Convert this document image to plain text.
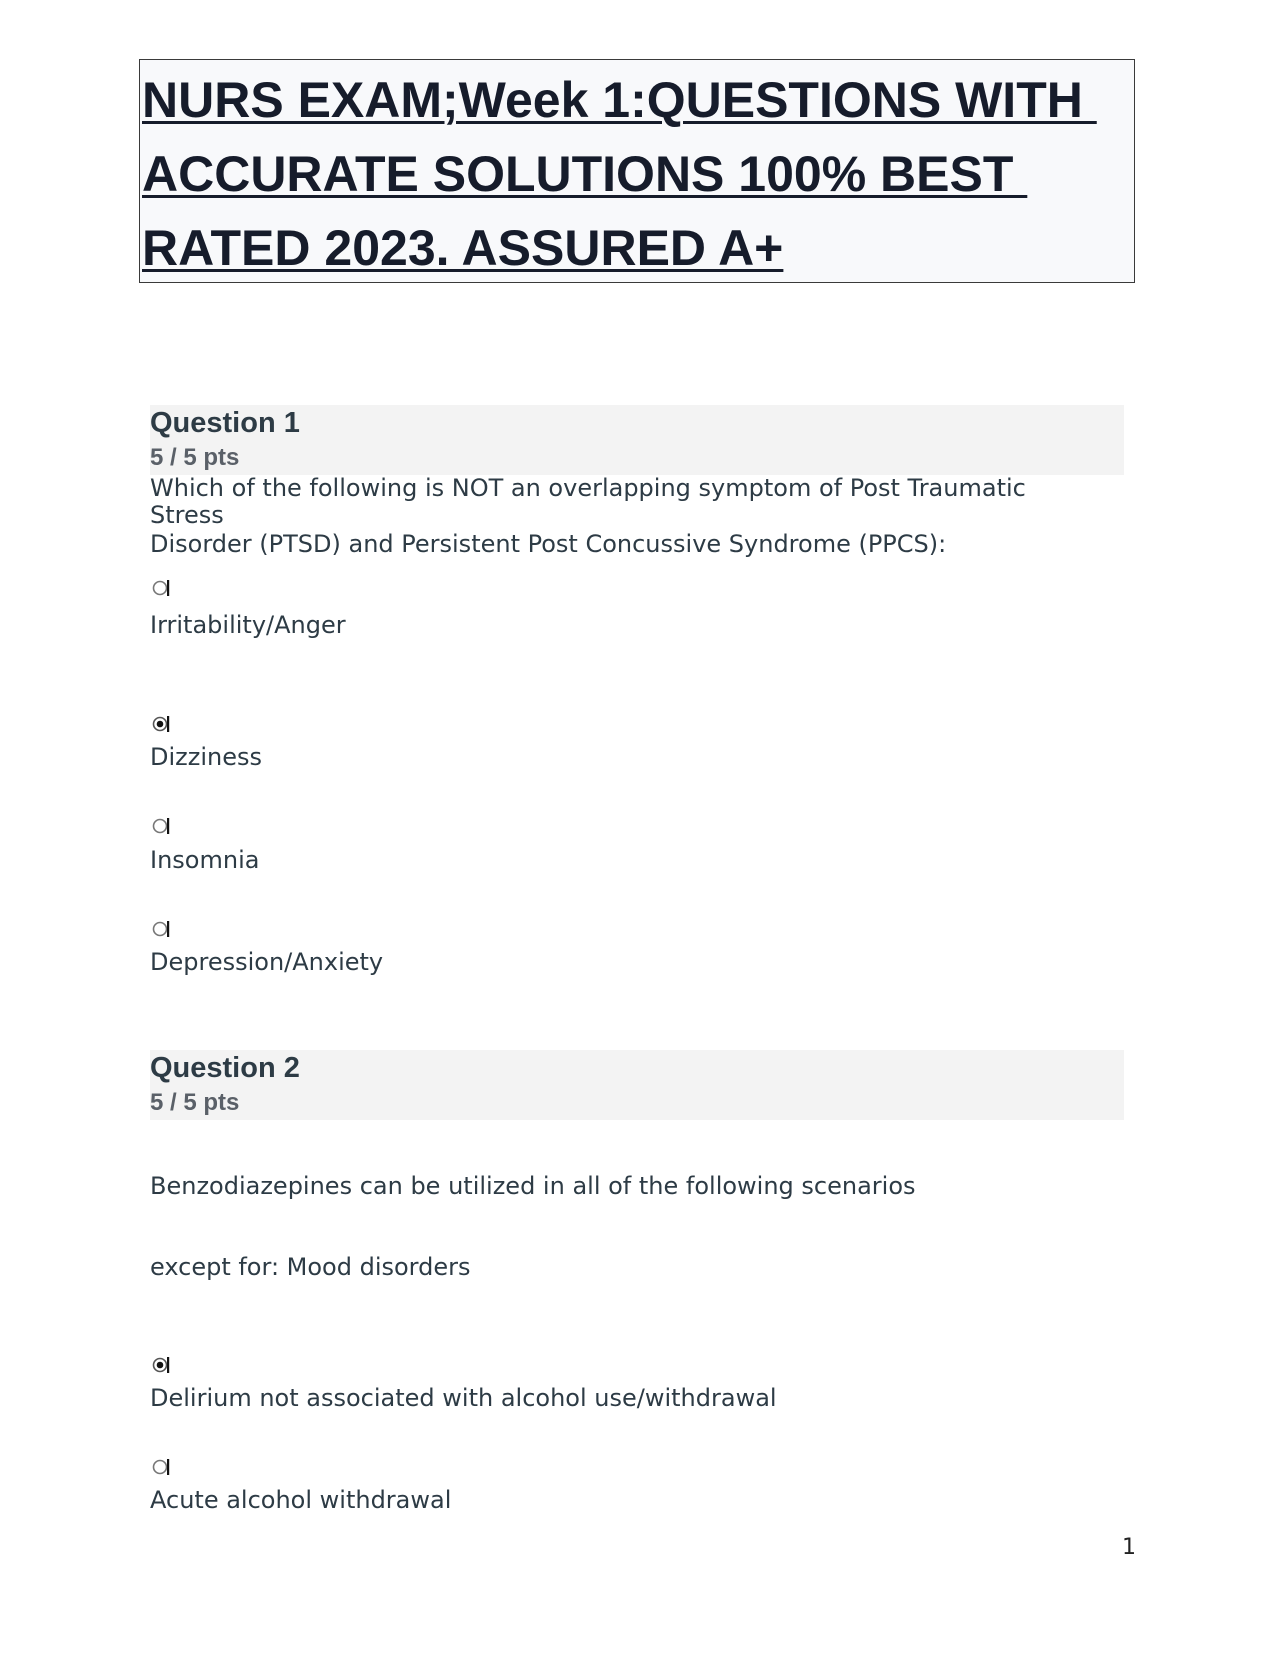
NURS EXAM;Week 1:QUESTIONS WITH
ACCURATE SOLUTIONS 100% BEST
RATED 2023. ASSURED A+
Question 1
5 / 5 pts
Which of the following is NOT an overlapping symptom of Post Traumatic
Stress
Disorder (PTSD) and Persistent Post Concussive Syndrome (PPCS):
Irritability/Anger
Dizziness
Insomnia
Depression/Anxiety
Question 2
5 / 5 pts
Benzodiazepines can be utilized in all of the following scenarios
except for: Mood disorders
Delirium not associated with alcohol use/withdrawal
Acute alcohol withdrawal
1
